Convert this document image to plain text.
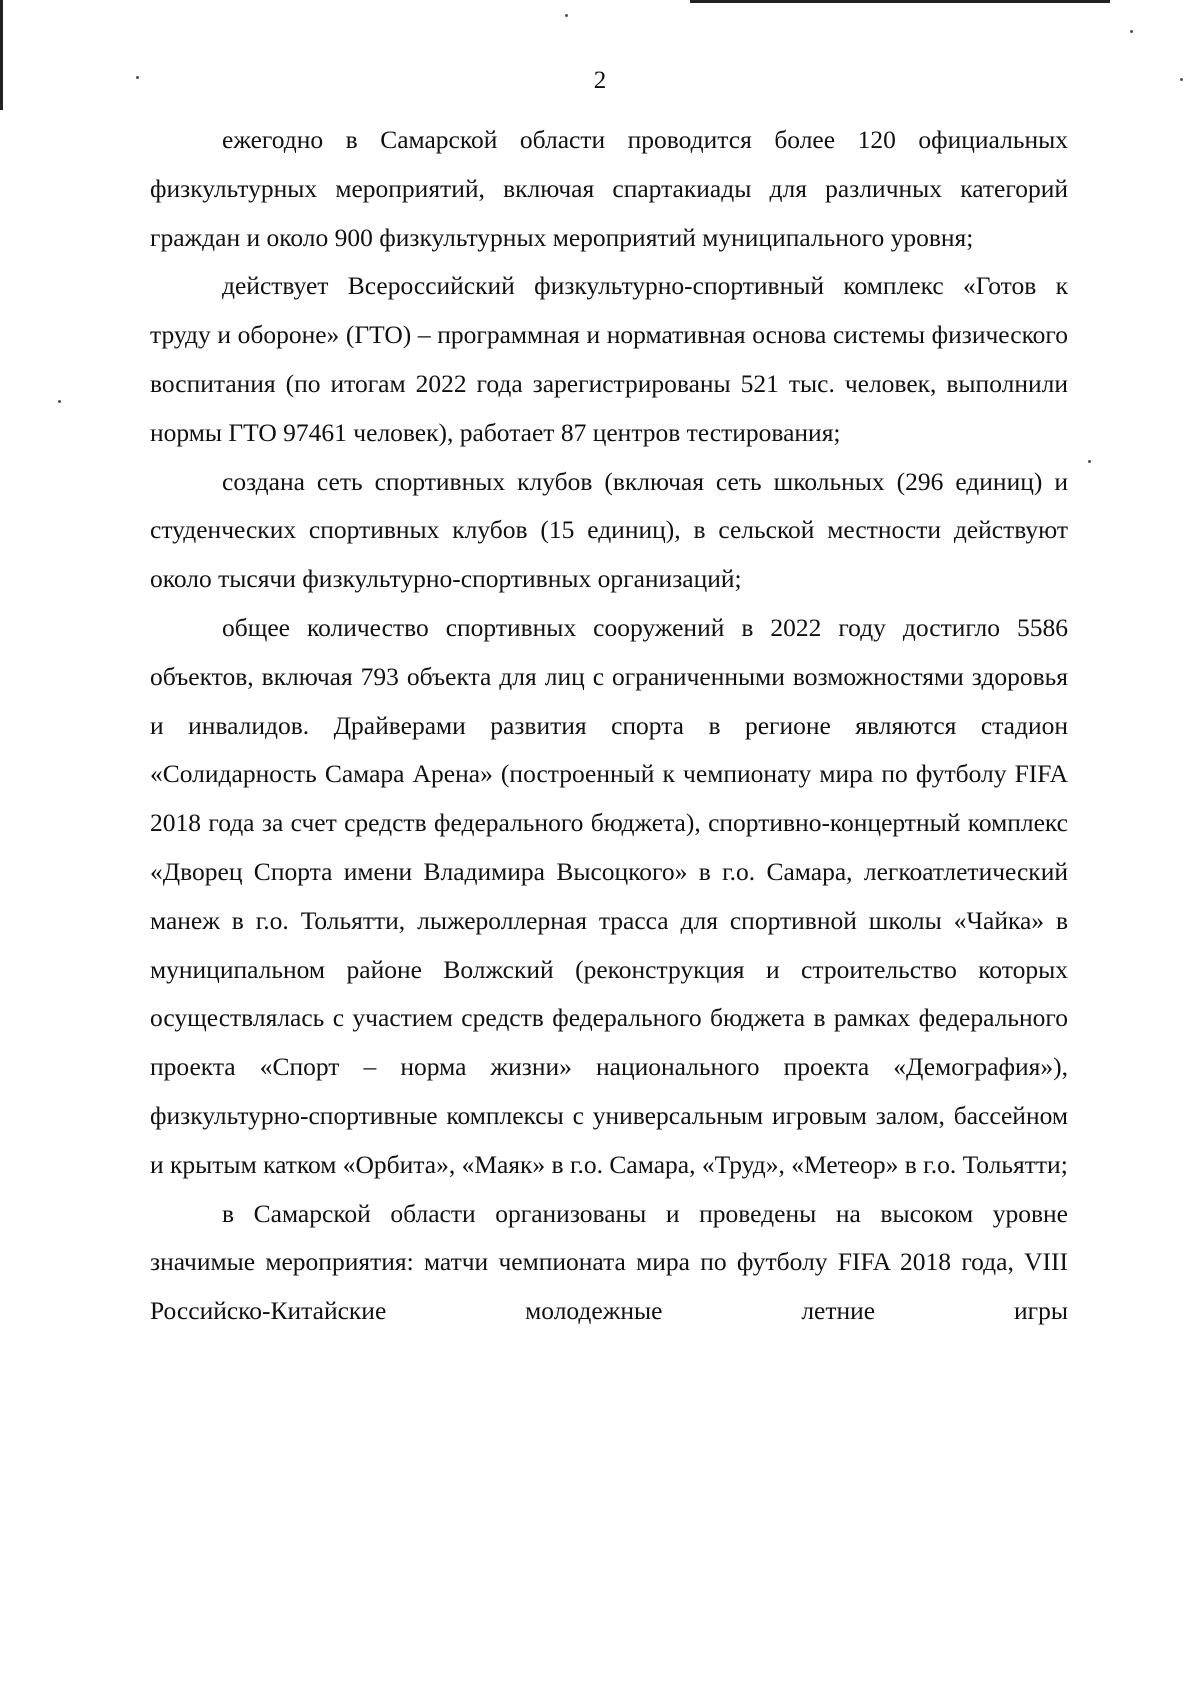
2

ежегодно в Самарской области проводится более 120 официальных физкультурных мероприятий, включая спартакиады для различных категорий граждан и около 900 физкультурных мероприятий муниципального уровня;

действует Всероссийский физкультурно-спортивный комплекс «Готов к труду и обороне» (ГТО) – программная и нормативная основа системы физического воспитания (по итогам 2022 года зарегистрированы 521 тыс. человек, выполнили нормы ГТО 97461 человек), работает 87 центров тестирования;

создана сеть спортивных клубов (включая сеть школьных (296 единиц) и студенческих спортивных клубов (15 единиц), в сельской местности действуют около тысячи физкультурно-спортивных организаций;

общее количество спортивных сооружений в 2022 году достигло 5586 объектов, включая 793 объекта для лиц с ограниченными возможностями здоровья и инвалидов. Драйверами развития спорта в регионе являются стадион «Солидарность Самара Арена» (построенный к чемпионату мира по футболу FIFA 2018 года за счет средств федерального бюджета), спортивно-концертный комплекс «Дворец Спорта имени Владимира Высоцкого» в г.о. Самара, легкоатлетический манеж в г.о. Тольятти, лыжероллерная трасса для спортивной школы «Чайка» в муниципальном районе Волжский (реконструкция и строительство которых осуществлялась с участием средств федерального бюджета в рамках федерального проекта «Спорт – норма жизни» национального проекта «Демография»), физкультурно-спортивные комплексы с универсальным игровым залом, бассейном и крытым катком «Орбита», «Маяк» в г.о. Самара, «Труд», «Метеор» в г.о. Тольятти;

в Самарской области организованы и проведены на высоком уровне значимые мероприятия: матчи чемпионата мира по футболу FIFA 2018 года, VIII Российско-Китайские молодежные летние игры
